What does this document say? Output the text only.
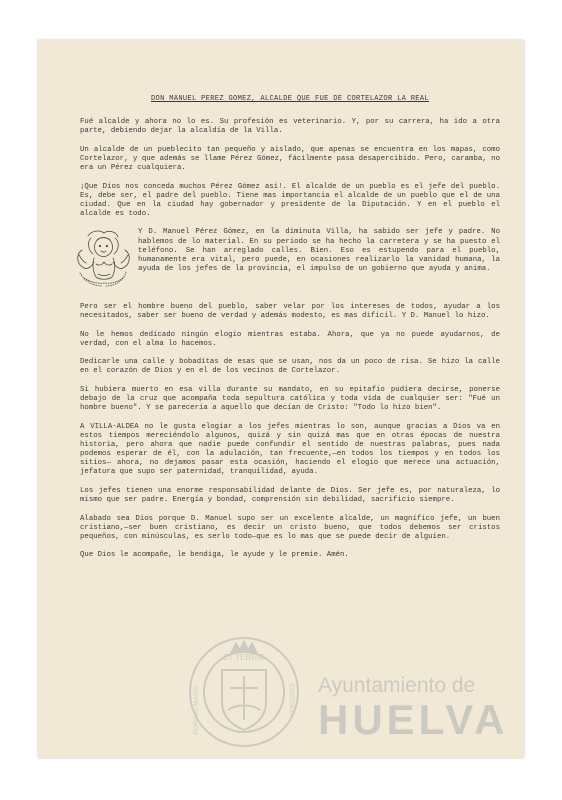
DON MANUEL PEREZ GOMEZ, ALCALDE QUE FUE DE CORTELAZOR LA REAL

Fué alcalde y ahora no lo es. Su profesión es veterinario. Y, por su carrera, ha ido a otra parte, debiendo dejar la alcaldía de la Villa.

Un alcalde de un pueblecito tan pequeño y aislado, que apenas se encuentra en los mapas, como Cortelazor, y que además se llame Pérez Gómez, fácilmente pasa desapercibido. Pero, caramba, no era un Pérez cualquiera.

¡Que Dios nos conceda muchos Pérez Gómez así!. El alcalde de un pueblo es el jefe del pueblo. Es, debe ser, el padre del pueblo. Tiene mas importancia el alcalde de un pueblo que el de una ciudad. Que en la ciudad hay gobernador y presidente de la Diputación. Y en el pueblo el alcalde es todo.

Y D. Manuel Pérez Gómez, en la diminuta Villa, ha sabido ser jefe y padre. No hablemos de lo material. En su periodo se ha hecho la carretera y se ha puesto el teléfono. Se han arreglado calles. Bien. Eso es estupendo para el pueblo, humanamente era vital, pero puede, en ocasiones realizarlo la vanidad humana, la ayuda de los jefes de la provincia, el impulso de un gobierno que ayuda y anima.

Pero ser el hombre bueno del pueblo, saber velar por los intereses de todos, ayudar a los necesitados, saber ser bueno de verdad y además modesto, es mas difícil. Y D. Manuel lo hizo.

No le hemos dedicado ningún elogio mientras estaba. Ahora, que ya no puede ayudarnos, de verdad, con el alma lo hacemos.

Dedicarle una calle y bobaditas de esas que se usan, nos da un poco de risa. Se hizo la calle en el corazón de Dios y en el de los vecinos de Cortelazor.

Si hubiera muerto en esa villa durante su mandato, en su epitafio pudiera decirse, ponerse debajo de la cruz que acompaña toda sepultura católica y toda vida de cualquier ser: "Fué un hombre bueno". Y se parecería a aquello que decían de Cristo: "Todo lo hizo bien".

A VILLA-ALDEA no le gusta elogiar a los jefes mientras lo son, aunque gracias a Dios va en estos tiempos mereciéndolo algunos, quizá y sin quizá mas que en otras épocas de nuestra historia, pero ahora que nadie puede confundir el sentido de nuestras palabras, pues nada podemos esperar de él, con la adulación, tan frecuente,—en todos los tiempos y en todos los sitios— ahora, no dejamos pasar esta ocasión, haciendo el elogio que merece una actuación, jefatura que supo ser paternidad, tranquilidad, ayuda.

Los jefes tienen una enorme responsabilidad delante de Dios. Ser jefe es, por naturaleza, lo mismo que ser padre. Energía y bondad, comprensión sin debilidad, sacrificio siempre.

Alabado sea Dios porque D. Manuel supo ser un excelente alcalde, un magnífico jefe, un buen cristiano,—ser buen cristiano, es decir un cristo bueno, que todos debemos ser cristos pequeños, con minúsculas, es serlo todo—que es lo mas que se puede decir de alguien.

Que Dios le acompañe, le bendiga, le ayude y le premie. Amén.

ET TERRÆ
PORTUS MARIS	CUSTODIA Ayuntamiento de
HUELVA
